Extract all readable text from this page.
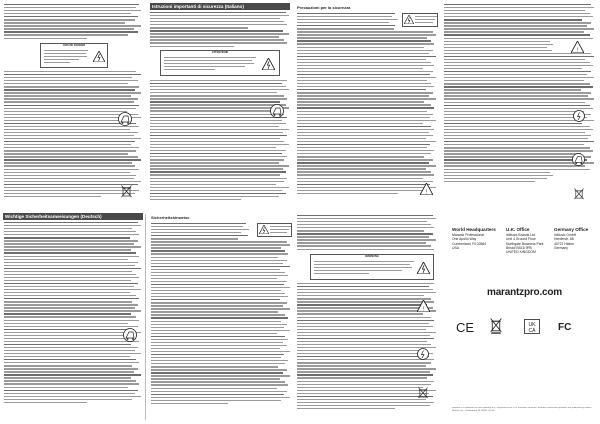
AVIS DE DANGER
Istruzioni importanti di sicurezza (Italiano)
ATTENZIONE
Precauzioni per la sicurezza
!
!
Wichtige Sicherheitsanweisungen (Deutsch)	Sicherheitshinweise
WARNUNG
!

World Headquarters

Marantz Professional
One Apollo Way
Cumberland, RI 02864
USA

U.K. Office

inMusic Brands Ltd.
Unit 4 Ground Floor
Northgate Business Park
Bristol BS16 9FB
UNITED KINGDOM

Germany Office

inMusic GmbH
Herderstr. 68
40721 Hilden
Germany

marantzpro.com
CE	UK
CA FC
Marantz is a trademark of D&M Holdings Inc., registered in the U.S. and other countries. Marantz Professional products are produced by inMusic Brands, Inc., Cumberland, RI 02864, U.S.A.
